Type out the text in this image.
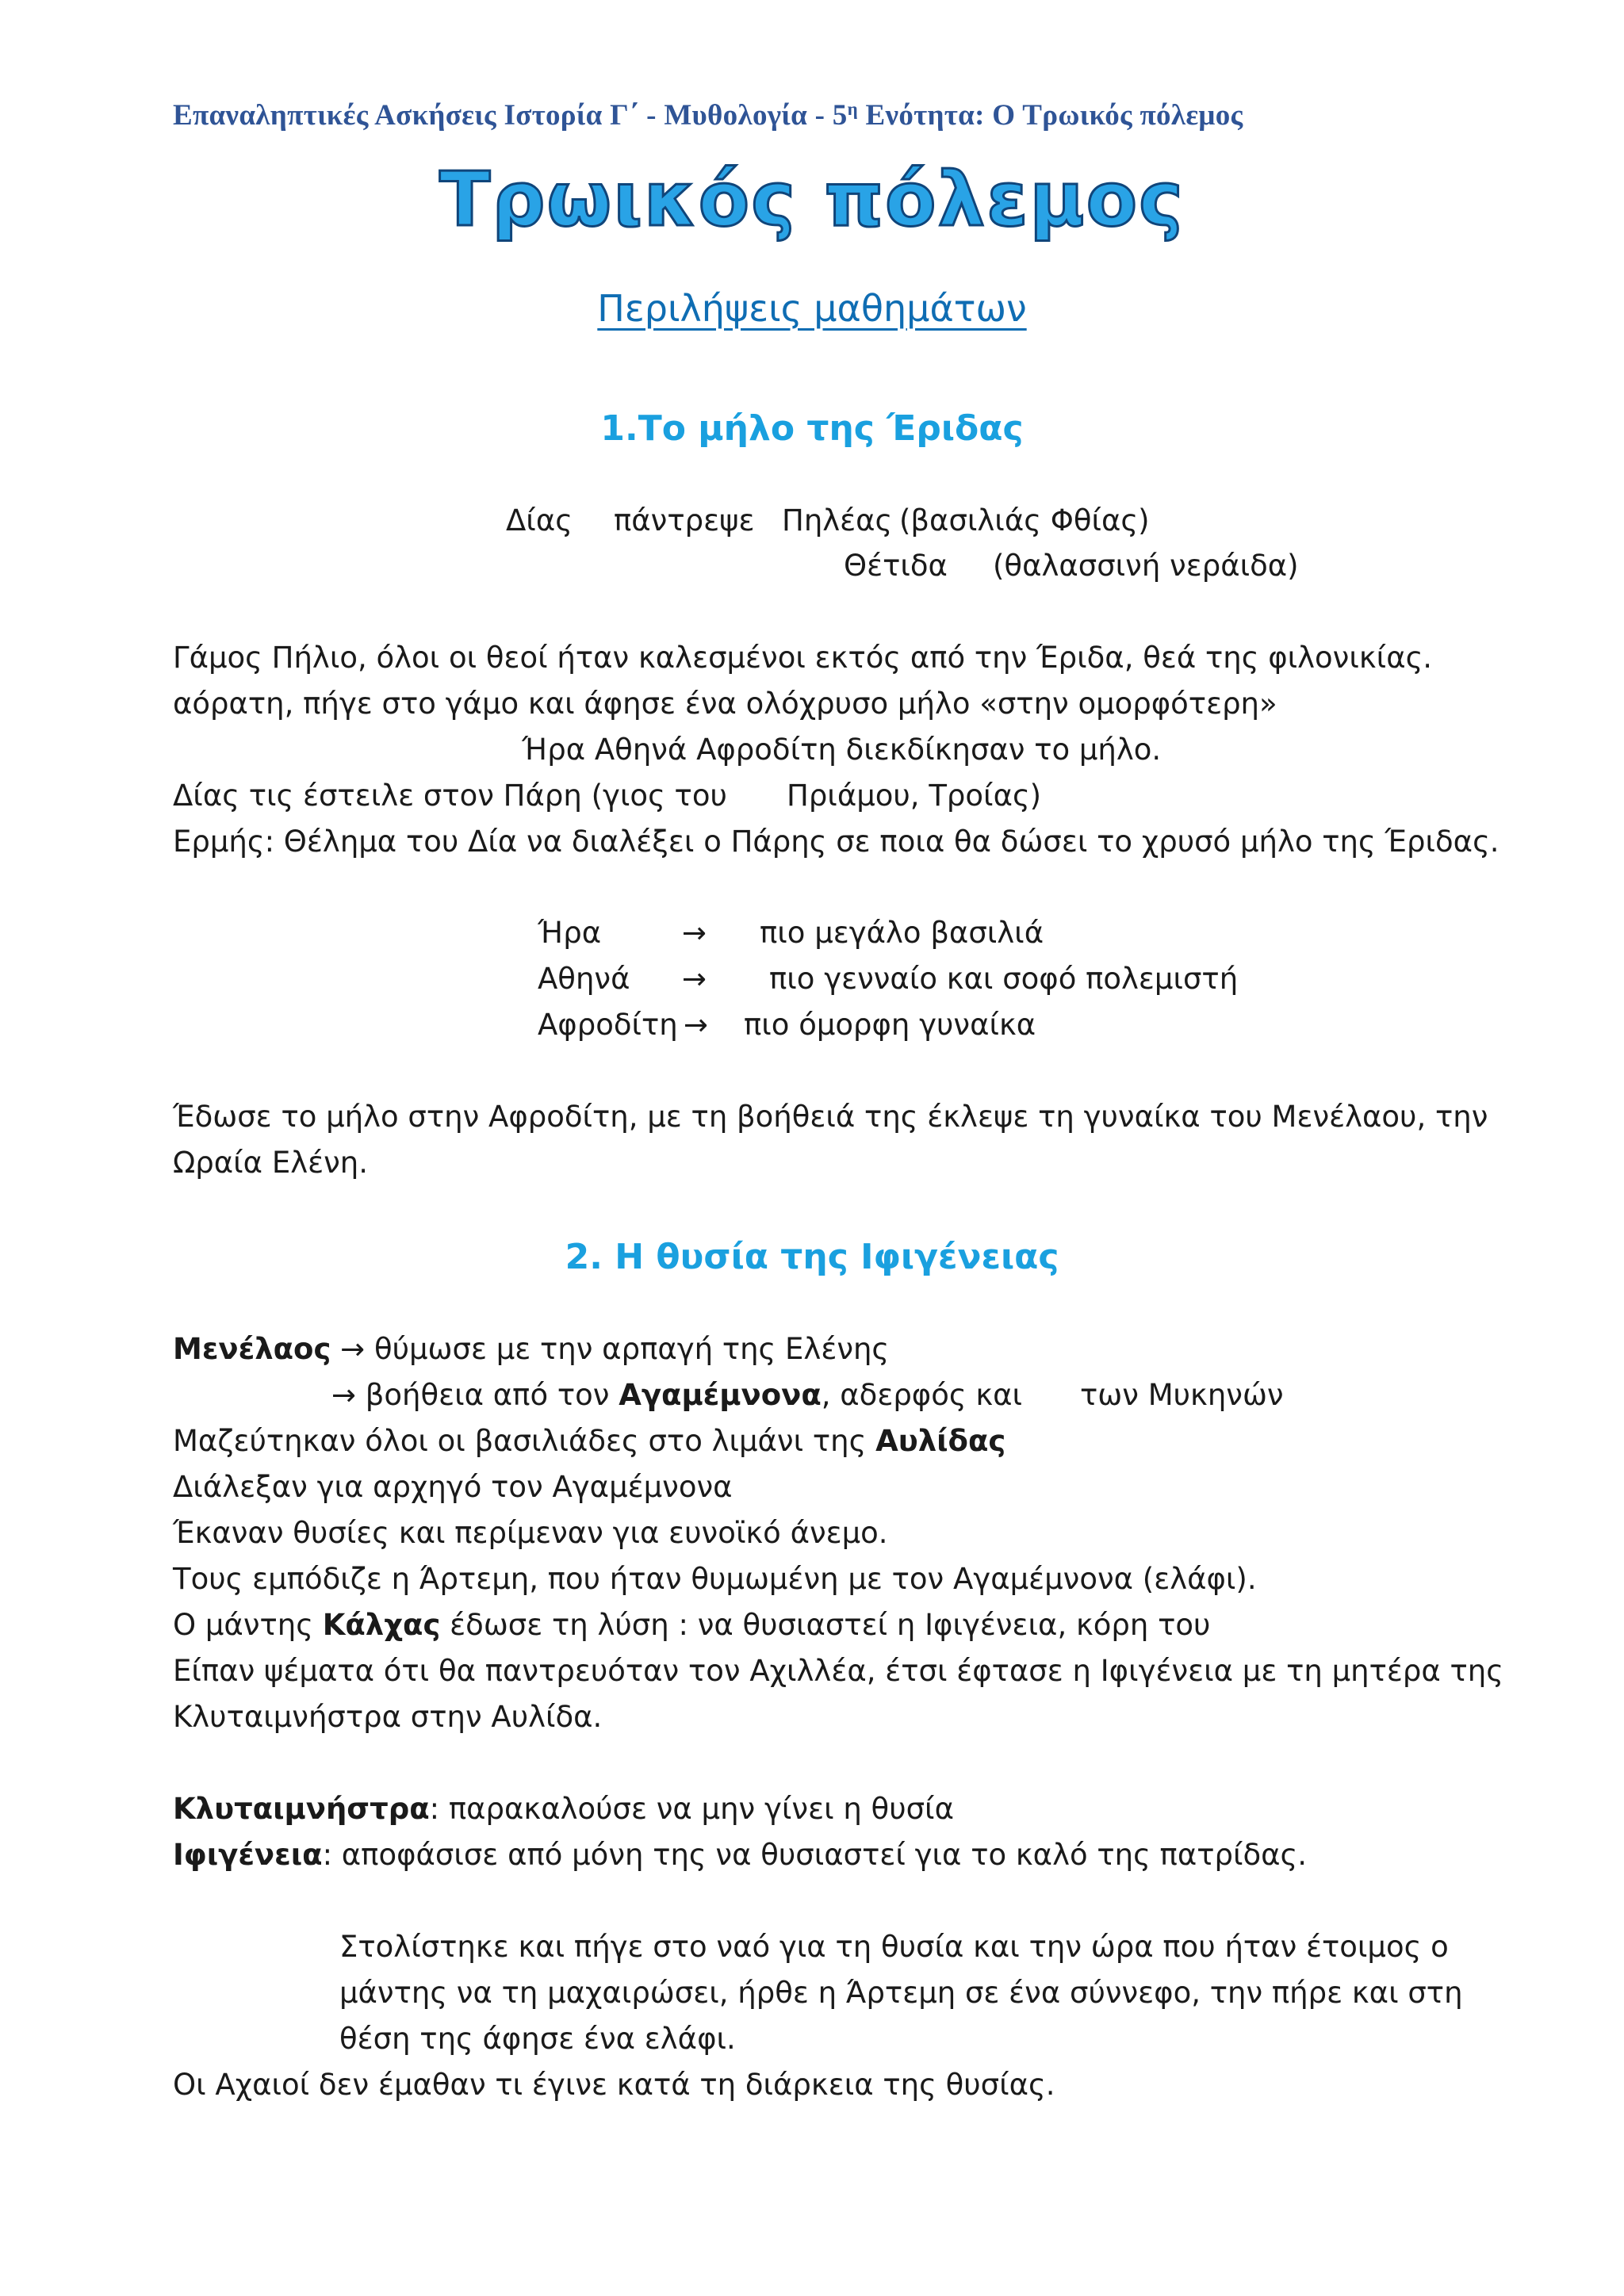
Επαναληπτικές Ασκήσεις Ιστορία Γ΄ - Μυθολογία - $5^\eta$ Ενότητα: Ο Τρωικός πόλεμος
Τρωικός πόλεμος
Περιλήψεις μαθημάτων
1.Το μήλο της Έριδας
Δίας πάντρεψε Πηλέας (βασιλιάς Φθίας)
Θέτιδα (θαλασσινή νεράιδα)
Γάμος Πήλιο, όλοι οι θεοί ήταν καλεσμένοι εκτός από την Έριδα, θεά της φιλονικίας.
αόρατη, πήγε στο γάμο και άφησε ένα ολόχρυσο μήλο «στην ομορφότερη»
Ήρα Αθηνά Αφροδίτη διεκδίκησαν το μήλο.
Δίας τις έστειλε στον Πάρη (γιος του Πριάμου, Τροίας)
Ερμής: Θέλημα του Δία να διαλέξει ο Πάρης σε ποια θα δώσει το χρυσό μήλο της Έριδας.
Ήρα	→ πιο μεγάλο βασιλιά
Αθηνά → πιο γενναίο και σοφό πολεμιστή
Αφροδίτη → πιο όμορφη γυναίκα
Έδωσε το μήλο στην Αφροδίτη, με τη βοήθειά της έκλεψε τη γυναίκα του Μενέλαου, την
Ωραία Ελένη.
2. Η θυσία της Ιφιγένειας
Μενέλαος → θύμωσε με την αρπαγή της Ελένης
→ βοήθεια από τον Αγαμέμνονα, αδερφός και των Μυκηνών
Μαζεύτηκαν όλοι οι βασιλιάδες στο λιμάνι της Αυλίδας
Διάλεξαν για αρχηγό τον Αγαμέμνονα
Έκαναν θυσίες και περίμεναν για ευνοϊκό άνεμο.
Τους εμπόδιζε η Άρτεμη, που ήταν θυμωμένη με τον Αγαμέμνονα (ελάφι).
Ο μάντης Κάλχας έδωσε τη λύση : να θυσιαστεί η Ιφιγένεια, κόρη του
Είπαν ψέματα ότι θα παντρευόταν τον Αχιλλέα, έτσι έφτασε η Ιφιγένεια με τη μητέρα της
Κλυταιμνήστρα στην Αυλίδα.
Κλυταιμνήστρα: παρακαλούσε να μην γίνει η θυσία
Ιφιγένεια: αποφάσισε από μόνη της να θυσιαστεί για το καλό της πατρίδας.
Στολίστηκε και πήγε στο ναό για τη θυσία και την ώρα που ήταν έτοιμος ο
μάντης να τη μαχαιρώσει, ήρθε η Άρτεμη σε ένα σύννεφο, την πήρε και στη
θέση της άφησε ένα ελάφι.
Οι Αχαιοί δεν έμαθαν τι έγινε κατά τη διάρκεια της θυσίας.
